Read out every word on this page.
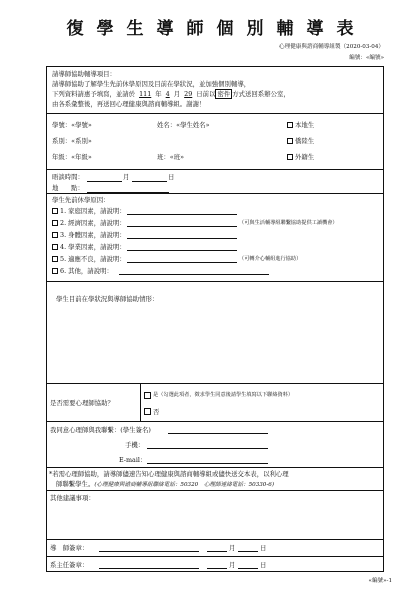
復學生導師個別輔導表
心理健康與諮商輔導組製（2020-03-04）
編號：«編號»
請導師協助輔導項目：
請導師協助了解學生先前休學原因及目前在學狀況，並加強個別輔導，
下列資料請惠予填寫，並請於 111 年 4 月 29 日前以 密件 方式送回系辦公室，
由各系彙整後，再送回心理健康與諮商輔導組。謝謝！
學號：«學號»	姓名：«學生姓名»
系別：«系別»
年級：«年級»	班：«班»
本地生
僑陸生
外籍生
晤談時間：	月	日
地　　點：
學生先前休學原因：
1. 家庭因素，請說明：
2. 經濟因素，請說明：	（可與生活輔導組聯繫協助提供工讀機會）
3. 身體因素，請說明：
4. 學業因素，請說明：
5. 適應不良，請說明：	（可轉介心輔組進行協助）
6. 其他，請說明：
學生目前在學狀況與導師協助情形：
是否需要心理師協助？
是（勾選此項者，徵求學生同意後請學生填寫以下聯絡資料）
否
我同意心理師與我聯繫：(學生簽名)
手機：
E-mail：
*若需心理師協助，請導師儘速告知心理健康與諮商輔導組或儘快送交本表，以利心理
師聯繫學生。(心理健康與諮商輔導組聯絡電話：50320　心理師連絡電話：50330-6)
其他建議事項：
導　師簽章：	月	日
系主任簽章：	月	日
«編號»-1
